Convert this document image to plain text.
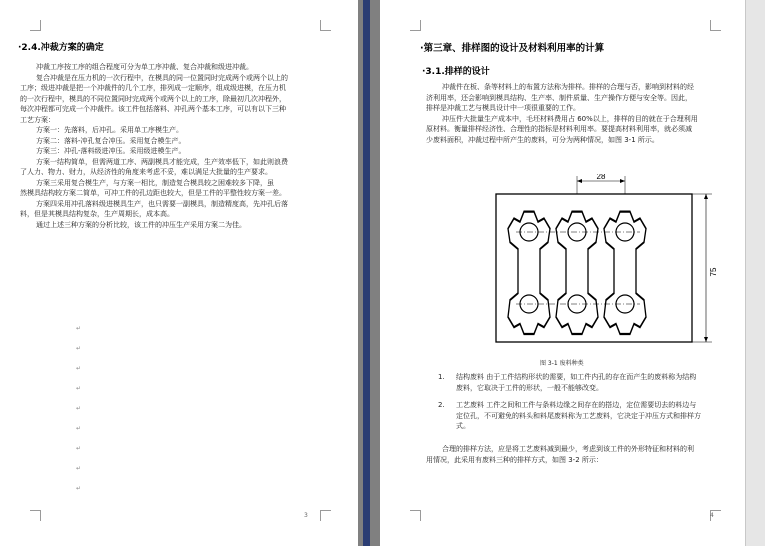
·2.4.冲裁方案的确定
冲裁工序按工序的组合程度可分为单工序冲裁、复合冲裁和级进冲裁。
复合冲裁是在压力机的一次行程中，在模具的同一位置同时完成两个或两个以上的
工序；级进冲裁是把一个冲裁件的几个工序，排列成一定顺序，组成级进模，在压力机
的一次行程中，模具的不同位置同时完成两个或两个以上的工序，除最初几次冲程外，
每次冲程都可完成一个冲裁件。该工件包括落料、冲孔两个基本工序，可以有以下三种
工艺方案：
方案一：先落料，后冲孔。采用单工序模生产。
方案二：落料-冲孔复合冲压。采用复合模生产。
方案三：冲孔-落料级进冲压。采用级进模生产。
方案一结构简单，但需两道工序、两副模具才能完成，生产效率低下，如此则浪费
了人力、物力、财力，从经济性的角度来考虑不妥，难以满足大批量的生产要求。
方案三采用复合模生产，与方案一相比，制造复合模具较之困难较多下降，虽
然模具结构较方案二简单，可冲工件的孔边距也较大，但是工件的平整性较方案一差。
方案四采用冲孔落料级进模具生产，也只需要一副模具，制造精度高，先冲孔后落
料，但是其模具结构复杂，生产周期长，成本高。
通过上述三种方案的分析比较，该工件的冲压生产采用方案二为佳。
↵
↵
↵
↵
↵
↵
↵
↵
↵
3
·第三章、排样图的设计及材料利用率的计算
·3.1.排样的设计
冲裁件在板、条等材料上的布置方法称为排样。排样的合理与否，影响到材料的经
济利用率，还会影响到模具结构、生产率、制件质量、生产操作方便与安全等。因此，
排样是冲裁工艺与模具设计中一项很重要的工作。
冲压件大批量生产成本中，毛坯材料费用占 60%以上，排样的目的就在于合理利用
原材料。衡量排样经济性、合理性的指标是材料利用率。要提高材料利用率，就必须减
少废料面积，冲裁过程中所产生的废料，可分为两种情况，如图 3-1 所示。
28
75
图 3-1 废料种类
1. 结构废料 由于工件结构形状的需要，如工件内孔的存在而产生的废料称为结构
废料，它取决于工件的形状，一般不能够改变。
2. 工艺废料 工件之间和工件与条料边缘之间存在的搭边，定位需要切去的料边与
定位孔，不可避免的料头和料尾废料称为工艺废料，它决定于冲压方式和排样方
式。
合理的排样方法，应是将工艺废料减到最少，考虑到该工件的外形特征和材料的利
用情况，此采用有废料三种的排样方式，如图 3-2 所示：
4
